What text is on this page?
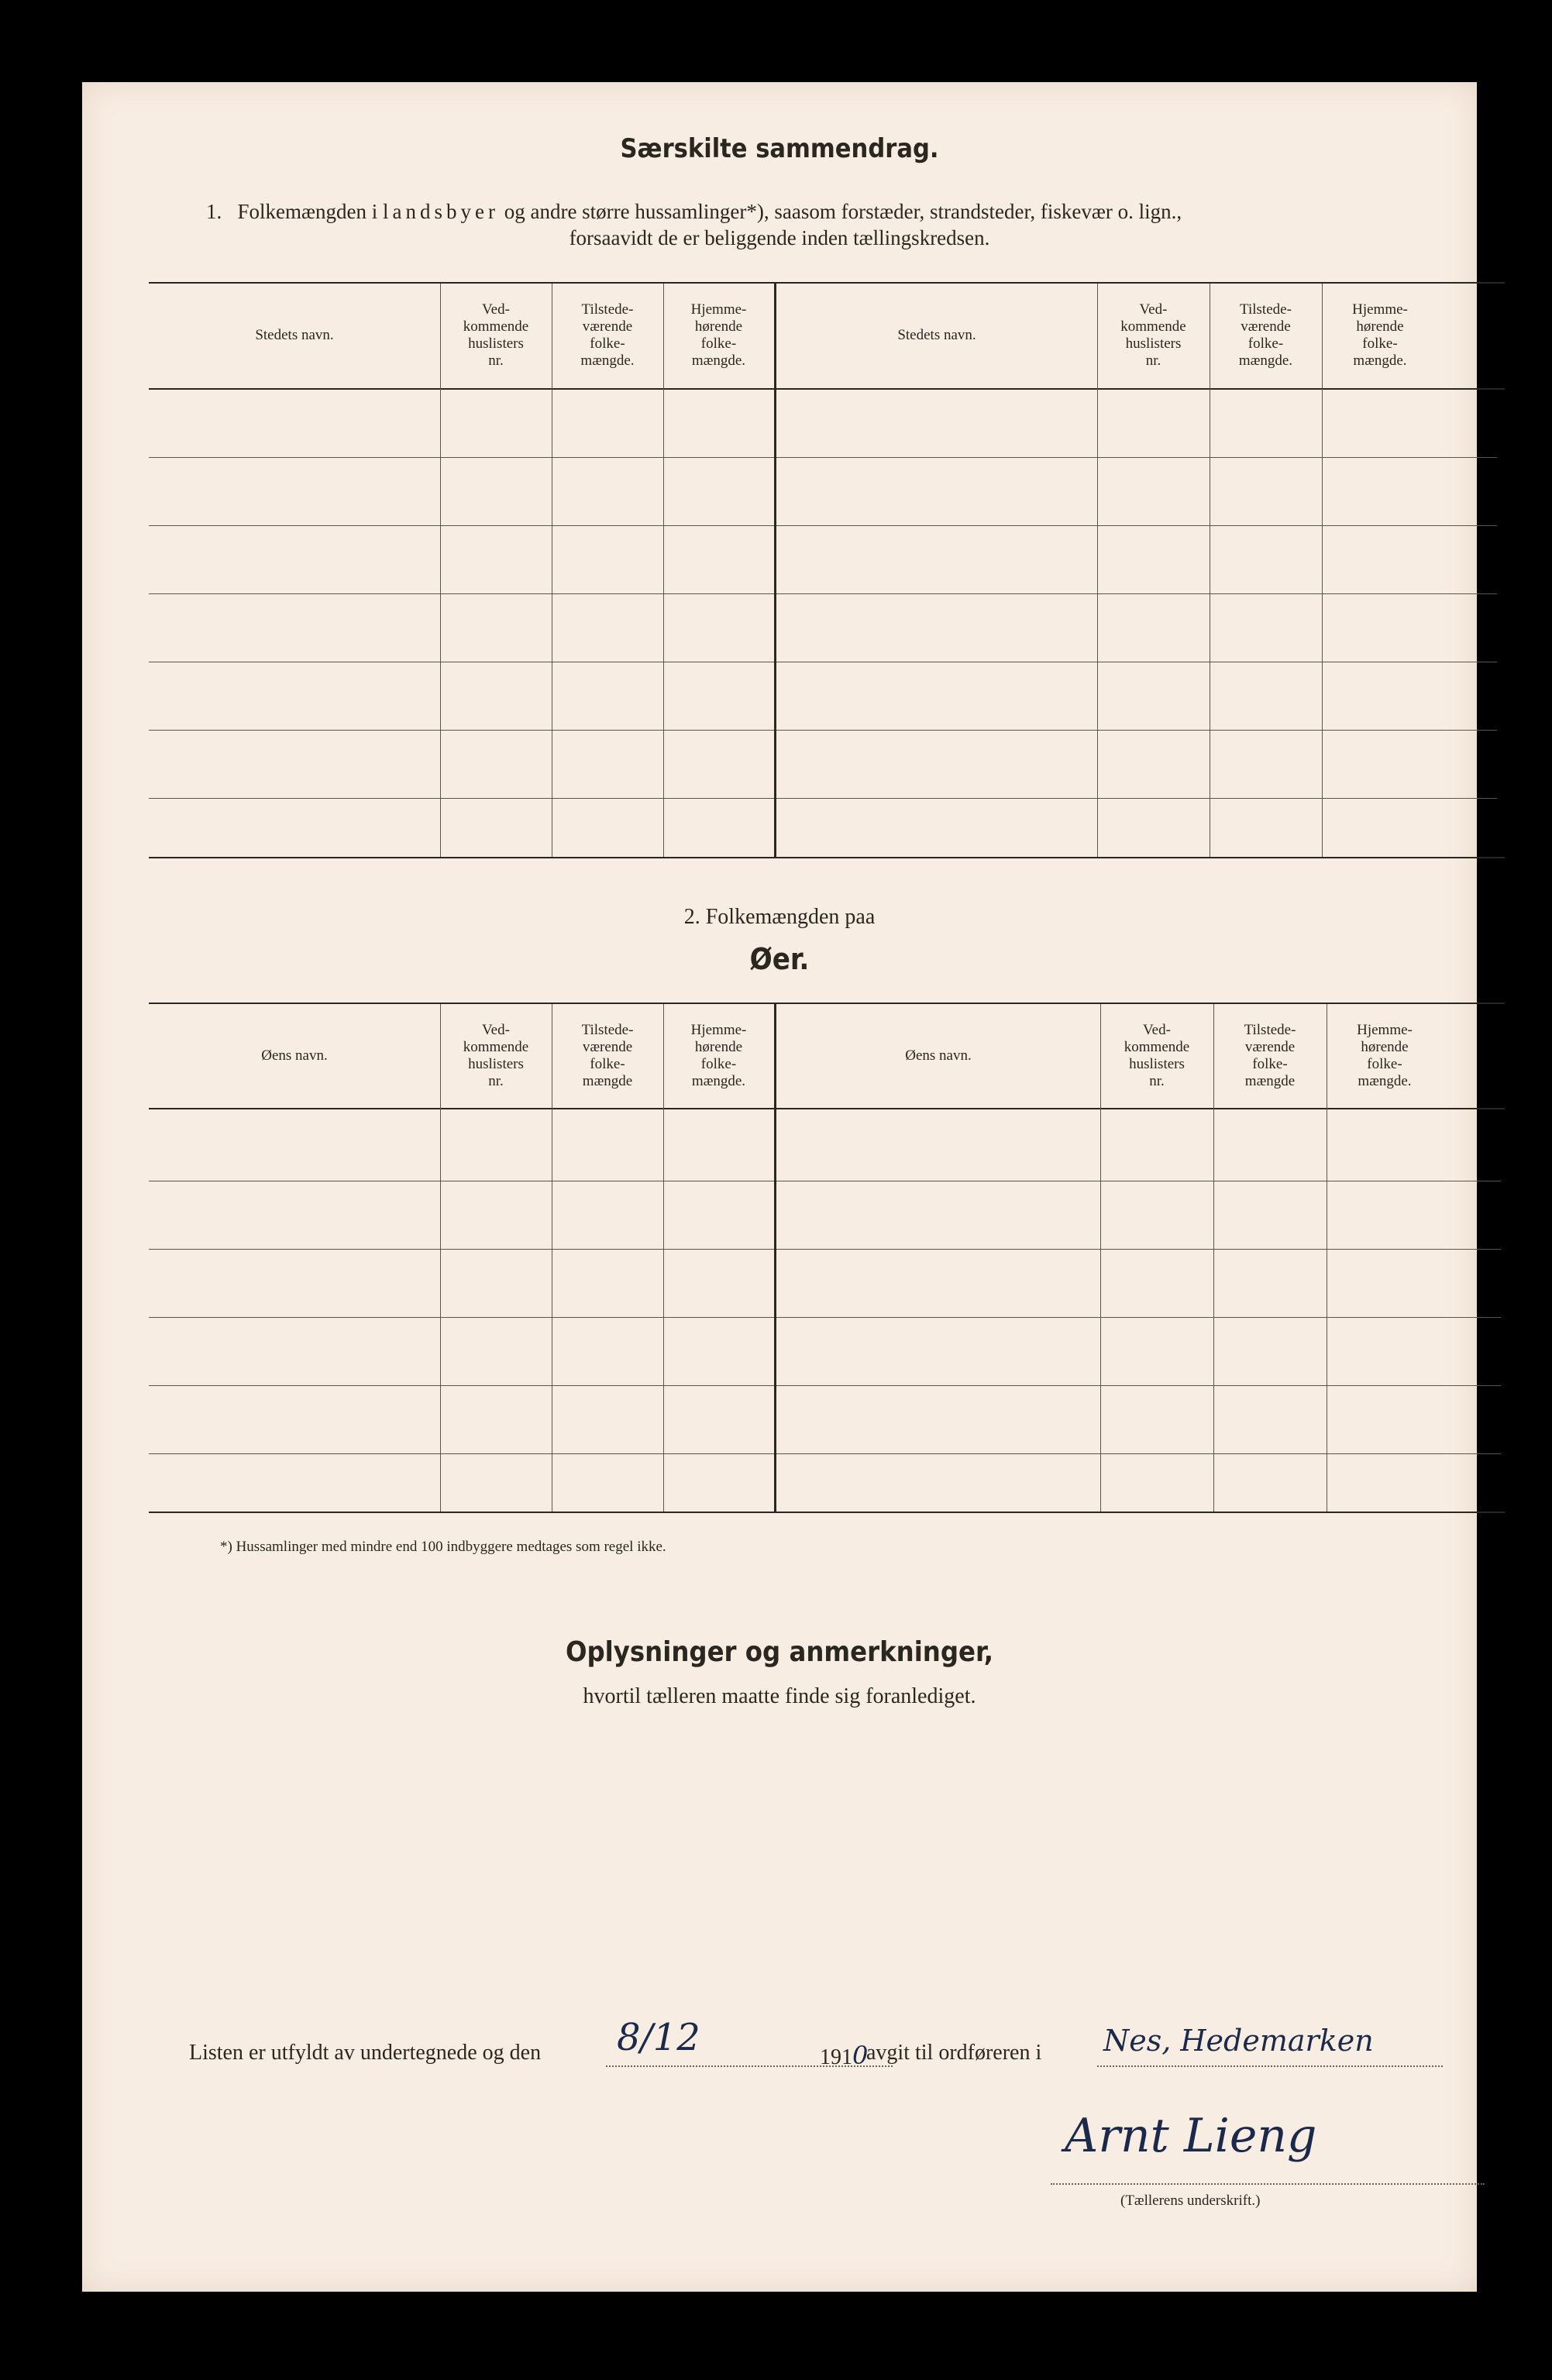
Særskilte sammendrag.
1. Folkemængden i landsbyer og andre større hussamlinger*), saasom forstæder, strandsteder, fiskevær o. lign.,
forsaavidt de er beliggende inden tællingskredsen.
Stedets navn.
Ved-
kommende
huslisters
nr.
Tilstede-
værende
folke-
mængde.
Hjemme-
hørende
folke-
mængde.
Stedets navn.
Ved-
kommende
huslisters
nr.
Tilstede-
værende
folke-
mængde.
Hjemme-
hørende
folke-
mængde.
2. Folkemængden paa
Øer.
Øens navn.
Ved-
kommende
huslisters
nr.
Tilstede-
værende
folke-
mængde
Hjemme-
hørende
folke-
mængde.
Øens navn.
Ved-
kommende
huslisters
nr.
Tilstede-
værende
folke-
mængde
Hjemme-
hørende
folke-
mængde.
*) Hussamlinger med mindre end 100 indbyggere medtages som regel ikke.
Oplysninger og anmerkninger,
hvortil tælleren maatte finde sig foranlediget.
Listen er utfyldt av undertegnede og den 8/12	1910
avgit til ordføreren i Nes, Hedemarken
Arnt Lieng
(Tællerens underskrift.)
